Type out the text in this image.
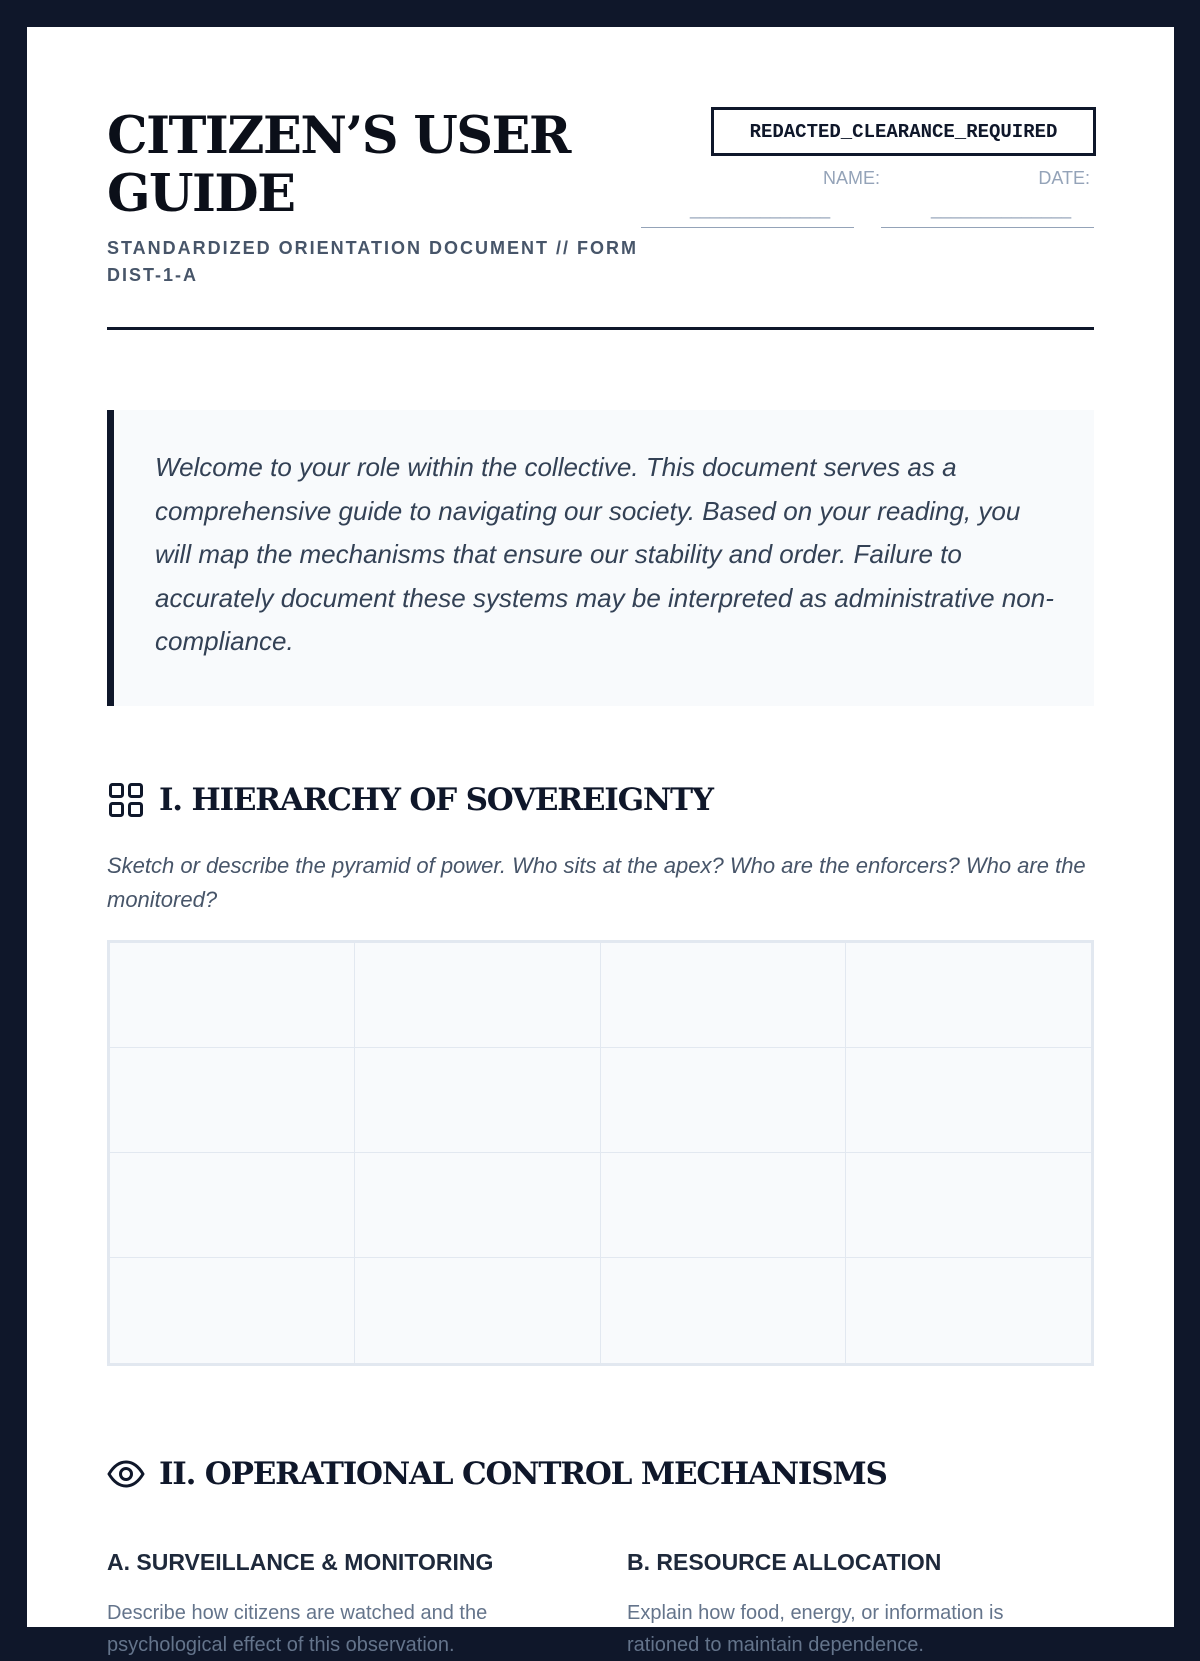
CITIZEN’S USER
GUIDE
STANDARDIZED ORIENTATION DOCUMENT // FORM DIST-1-A
REDACTED_CLEARANCE_REQUIRED
NAME:
______________
DATE:
______________

Welcome to your role within the collective. This document serves as a comprehensive guide to navigating our society. Based on your reading, you will map the mechanisms that ensure our stability and order. Failure to accurately document these systems may be interpreted as administrative non-compliance.

I. HIERARCHY OF SOVEREIGNTY

Sketch or describe the pyramid of power. Who sits at the apex? Who are the enforcers? Who are the monitored?

II. OPERATIONAL CONTROL MECHANISMS
A. SURVEILLANCE & MONITORING

Describe how citizens are watched and the psychological effect of this observation.

B. RESOURCE ALLOCATION

Explain how food, energy, or information is rationed to maintain dependence.
